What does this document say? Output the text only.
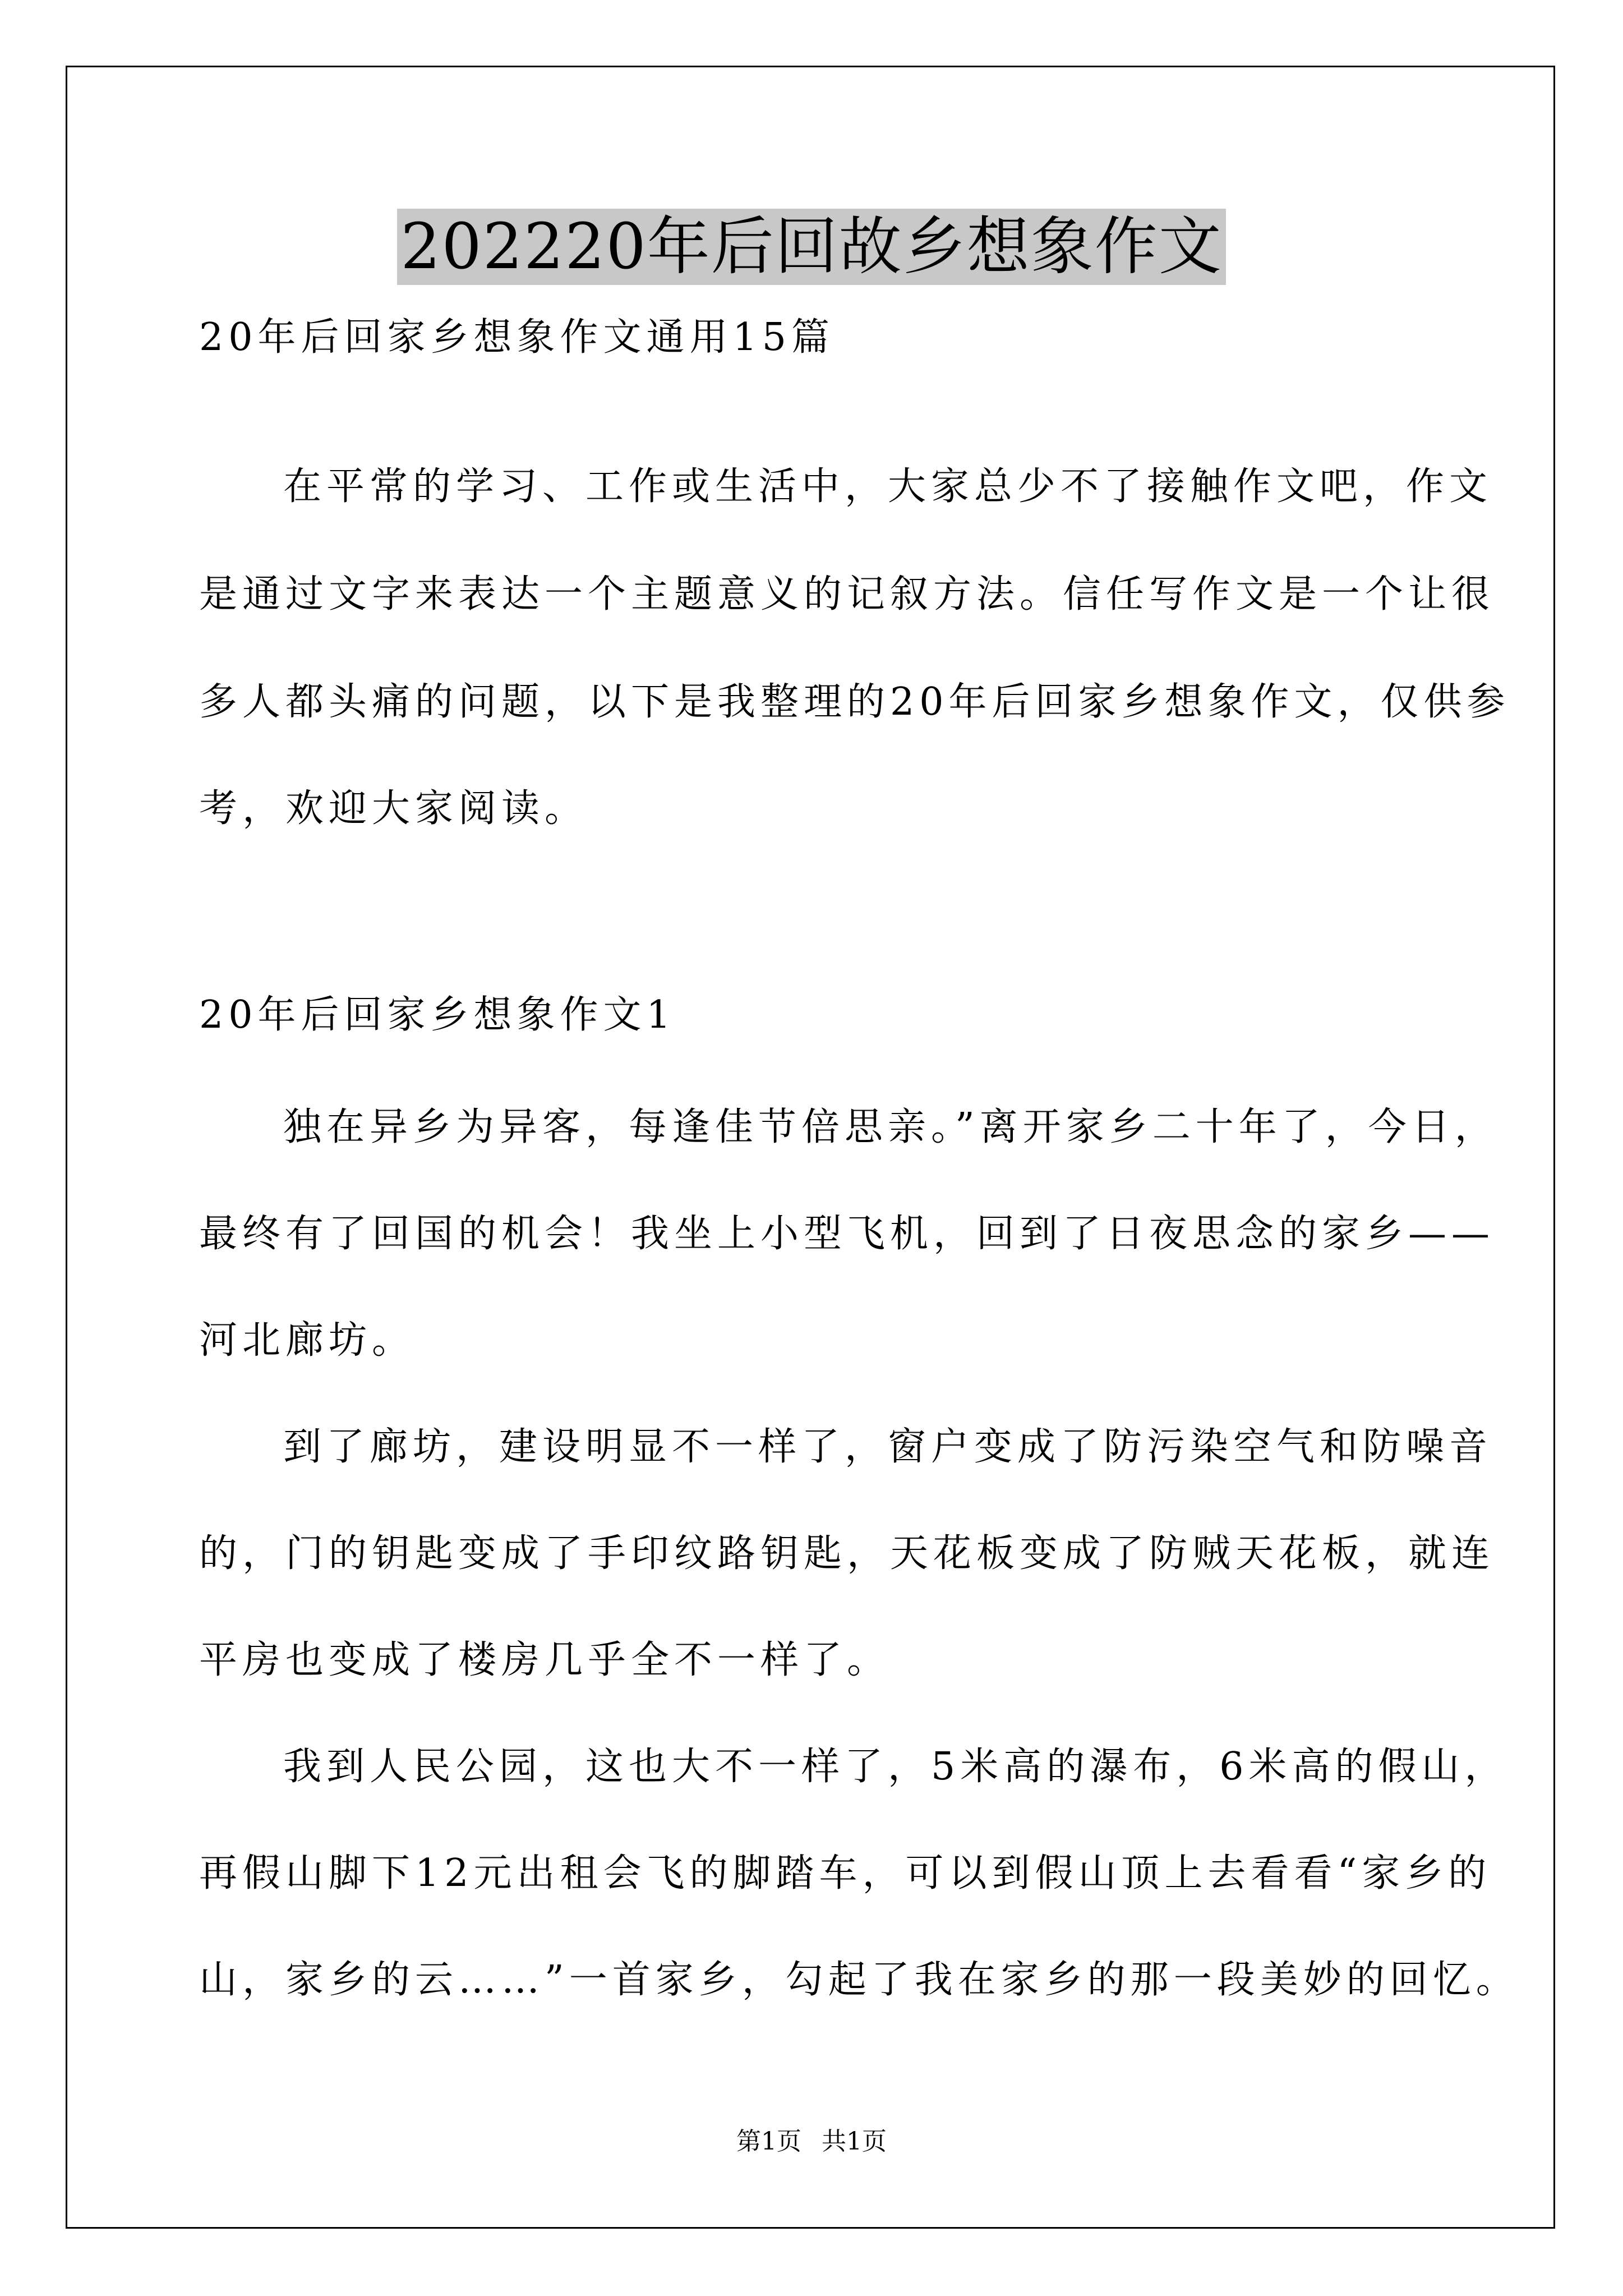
202220年后回故乡想象作文
20年后回家乡想象作文通用15篇
在平常的学习、工作或生活中，大家总少不了接触作文吧，作文
是通过文字来表达一个主题意义的记叙方法。信任写作文是一个让很
多人都头痛的问题，以下是我整理的20年后回家乡想象作文，仅供参
考，欢迎大家阅读。
20年后回家乡想象作文1
独在异乡为异客，每逢佳节倍思亲。”离开家乡二十年了，今日，
最终有了回国的机会！我坐上小型飞机，回到了日夜思念的家乡——
河北廊坊。
到了廊坊，建设明显不一样了，窗户变成了防污染空气和防噪音
的，门的钥匙变成了手印纹路钥匙，天花板变成了防贼天花板，就连
平房也变成了楼房几乎全不一样了。
我到人民公园，这也大不一样了，5米高的瀑布，6米高的假山，
再假山脚下12元出租会飞的脚踏车，可以到假山顶上去看看“家乡的
山，家乡的云……”一首家乡，勾起了我在家乡的那一段美妙的回忆。
第1页 共1页
